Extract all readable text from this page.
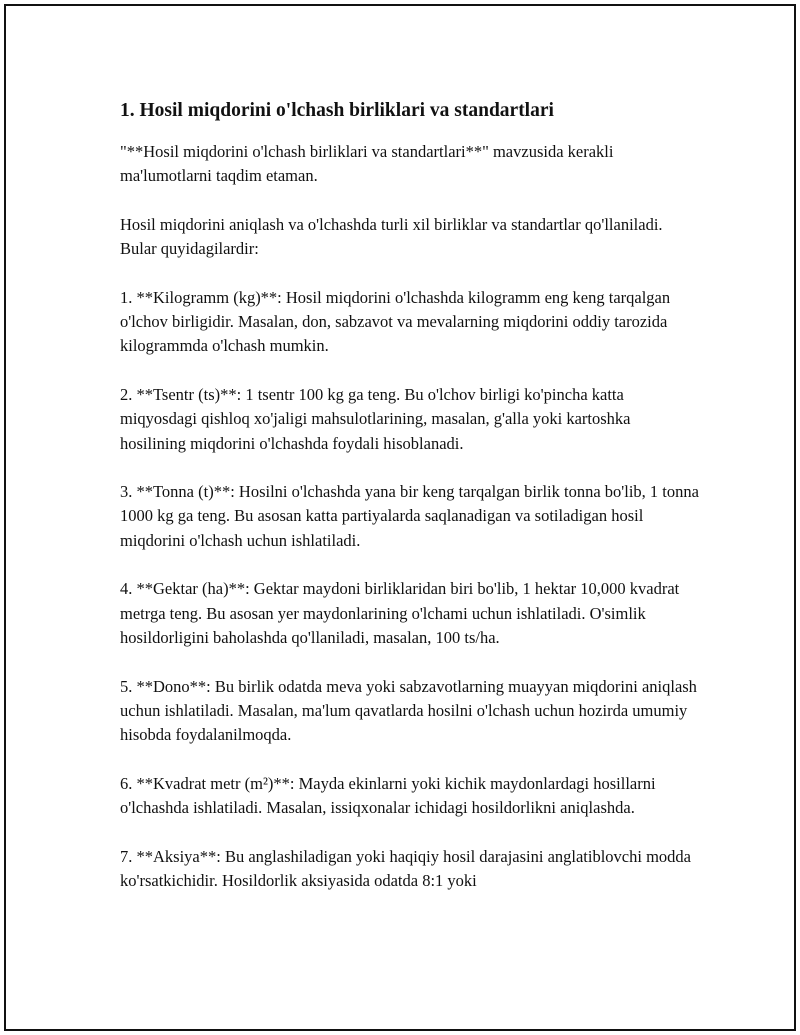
1. Hosil miqdorini o'lchash birliklari va standartlari

"**Hosil miqdorini o'lchash birliklari va standartlari**" mavzusida kerakli ma'lumotlarni taqdim etaman.

Hosil miqdorini aniqlash va o'lchashda turli xil birliklar va standartlar qo'llaniladi. Bular quyidagilardir:

1. **Kilogramm (kg)**: Hosil miqdorini o'lchashda kilogramm eng keng tarqalgan o'lchov birligidir. Masalan, don, sabzavot va mevalarning miqdorini oddiy tarozida kilogrammda o'lchash mumkin.

2. **Tsentr (ts)**: 1 tsentr 100 kg ga teng. Bu o'lchov birligi ko'pincha katta miqyosdagi qishloq xo'jaligi mahsulotlarining, masalan, g'alla yoki kartoshka hosilining miqdorini o'lchashda foydali hisoblanadi.

3. **Tonna (t)**: Hosilni o'lchashda yana bir keng tarqalgan birlik tonna bo'lib, 1 tonna 1000 kg ga teng. Bu asosan katta partiyalarda saqlanadigan va sotiladigan hosil miqdorini o'lchash uchun ishlatiladi.

4. **Gektar (ha)**: Gektar maydoni birliklaridan biri bo'lib, 1 hektar 10,000 kvadrat metrga teng. Bu asosan yer maydonlarining o'lchami uchun ishlatiladi. O'simlik hosildorligini baholashda qo'llaniladi, masalan, 100 ts/ha.

5. **Dono**: Bu birlik odatda meva yoki sabzavotlarning muayyan miqdorini aniqlash uchun ishlatiladi. Masalan, ma'lum qavatlarda hosilni o'lchash uchun hozirda umumiy hisobda foydalanilmoqda.

6. **Kvadrat metr (m²)**: Mayda ekinlarni yoki kichik maydonlardagi hosillarni o'lchashda ishlatiladi. Masalan, issiqxonalar ichidagi hosildorlikni aniqlashda.

7. **Aksiya**: Bu anglashiladigan yoki haqiqiy hosil darajasini anglatiblovchi modda ko'rsatkichidir. Hosildorlik aksiyasida odatda 8:1 yoki
